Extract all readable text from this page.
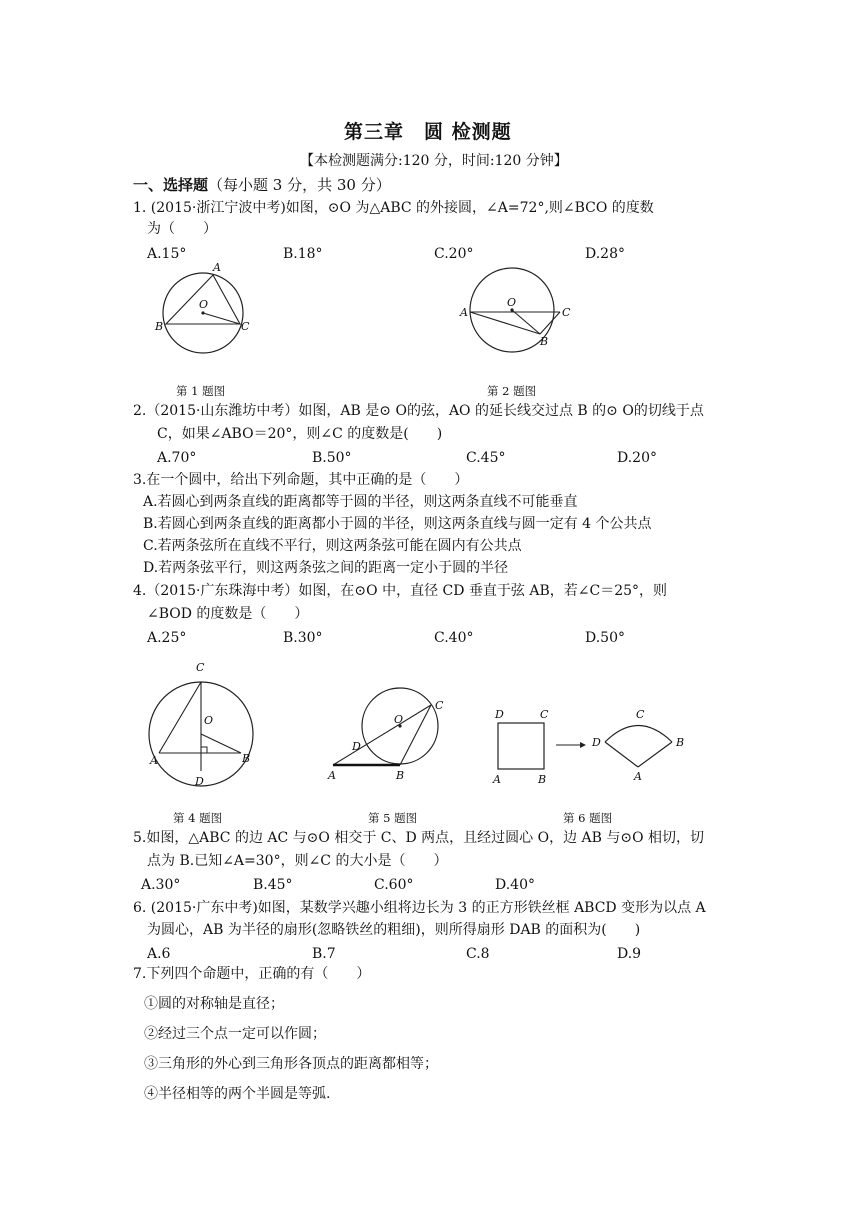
第三章　圆 检测题
【本检测题满分:120 分，时间:120 分钟】
一、选择题（每小题 3 分，共 30 分）
1. (2015·浙江宁波中考)如图，⊙O 为△ABC 的外接圆，∠A=72°,则∠BCO 的度数
为（　　）
A.15°	B.18°	C.20°	D.28°
A
O
B	C
O
A	C
B
第 1 题图	第 2 题图
2.（2015·山东潍坊中考）如图，AB 是⊙ O的弦，AO 的延长线交过点 B 的⊙ O的切线于点
C，如果∠ABO＝20°，则∠C 的度数是(　　)
A.70°	B.50°	C.45°	D.20°
3.在一个圆中，给出下列命题，其中正确的是（　　）
A.若圆心到两条直线的距离都等于圆的半径，则这两条直线不可能垂直
B.若圆心到两条直线的距离都小于圆的半径，则这两条直线与圆一定有 4 个公共点
C.若两条弦所在直线不平行，则这两条弦可能在圆内有公共点
D.若两条弦平行，则这两条弦之间的距离一定小于圆的半径
4.（2015·广东珠海中考）如图，在⊙O 中，直径 CD 垂直于弦 AB，若∠C＝25°，则
∠BOD 的度数是（　　）
A.25°	B.30°	C.40°	D.50°
C
O
A	B
D
O
C
D
A	B
D	C
A	B
C
D	B
A
第 4 题图	第 5 题图	第 6 题图
5.如图，△ABC 的边 AC 与⊙O 相交于 C、D 两点，且经过圆心 O，边 AB 与⊙O 相切，切
点为 B.已知∠A=30°，则∠C 的大小是（　　）
A.30°	B.45°	C.60°	D.40°
6. (2015·广东中考)如图，某数学兴趣小组将边长为 3 的正方形铁丝框 ABCD 变形为以点 A
为圆心，AB 为半径的扇形(忽略铁丝的粗细)，则所得扇形 DAB 的面积为(　　)
A.6	B.7	C.8	D.9
7.下列四个命题中，正确的有（　　）
①圆的对称轴是直径；
②经过三个点一定可以作圆；
③三角形的外心到三角形各顶点的距离都相等；
④半径相等的两个半圆是等弧.
